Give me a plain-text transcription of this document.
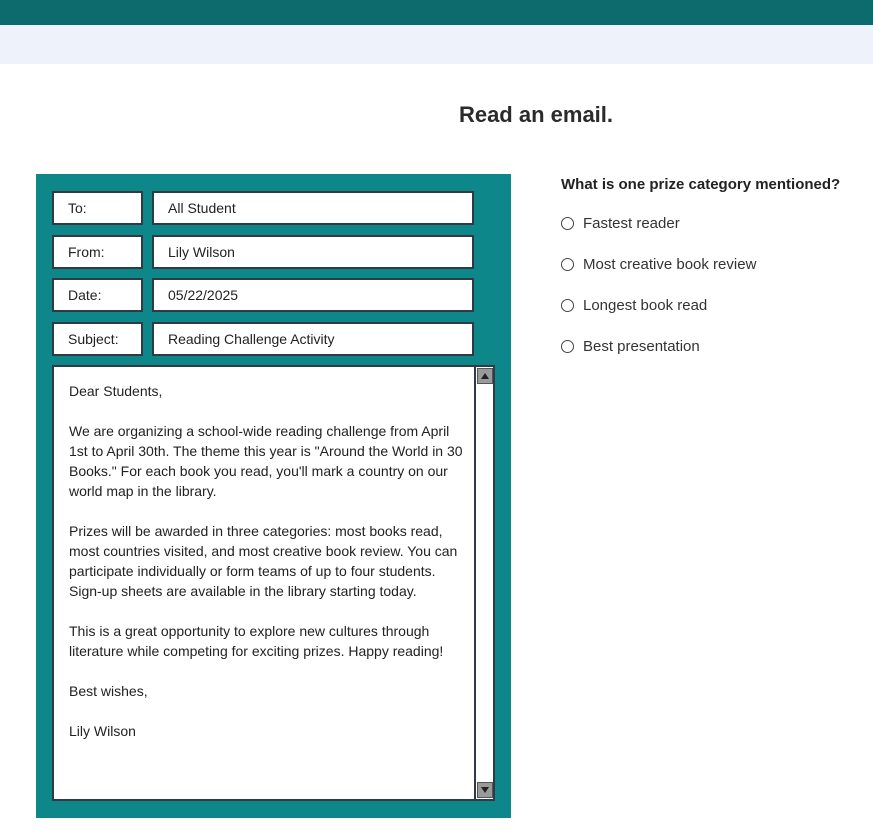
Read an email.
To:	All Student
From:	Lily Wilson
Date:	05/22/2025
Subject:	Reading Challenge Activity

Dear Students,

We are organizing a school-wide reading challenge from April 1st to April 30th. The theme this year is "Around the World in 30 Books." For each book you read, you'll mark a country on our world map in the library.

Prizes will be awarded in three categories: most books read, most countries visited, and most creative book review. You can participate individually or form teams of up to four students. Sign-up sheets are available in the library starting today.

This is a great opportunity to explore new cultures through literature while competing for exciting prizes. Happy reading!

Best wishes,

Lily Wilson

What is one prize category mentioned?
Fastest reader
Most creative book review
Longest book read
Best presentation
